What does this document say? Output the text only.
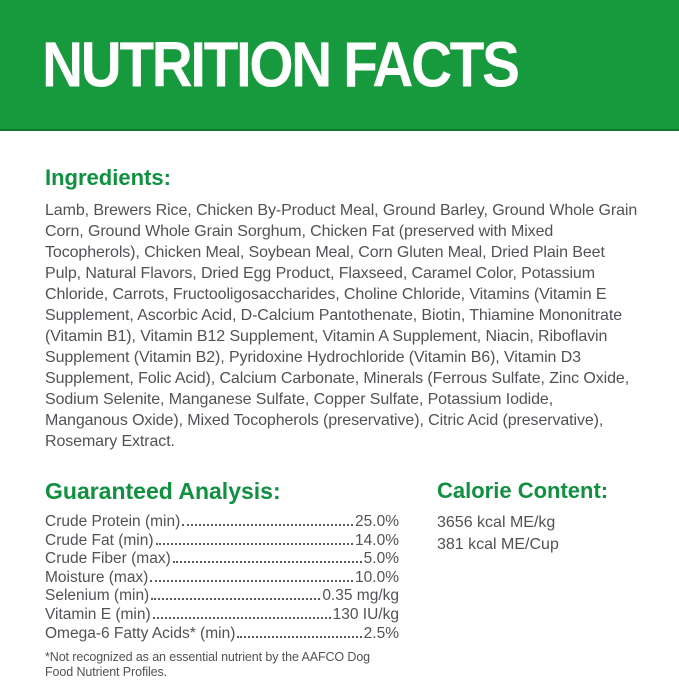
NUTRITION FACTS
Ingredients:

Lamb, Brewers Rice, Chicken By-Product Meal, Ground Barley, Ground Whole Grain Corn, Ground Whole Grain Sorghum, Chicken Fat (preserved with Mixed Tocopherols), Chicken Meal, Soybean Meal, Corn Gluten Meal, Dried Plain Beet Pulp, Natural Flavors, Dried Egg Product, Flaxseed, Caramel Color, Potassium Chloride, Carrots, Fructooligosaccharides, Choline Chloride, Vitamins (Vitamin E Supplement, Ascorbic Acid, D-Calcium Pantothenate, Biotin, Thiamine Mononitrate (Vitamin B1), Vitamin B12 Supplement, Vitamin A Supplement, Niacin, Riboflavin Supplement (Vitamin B2), Pyridoxine Hydrochloride (Vitamin B6), Vitamin D3 Supplement, Folic Acid), Calcium Carbonate, Minerals (Ferrous Sulfate, Zinc Oxide, Sodium Selenite, Manganese Sulfate, Copper Sulfate, Potassium Iodide, Manganous Oxide), Mixed Tocopherols (preservative), Citric Acid (preservative), Rosemary Extract.

Guaranteed Analysis:
Crude Protein (min)	25.0%
Crude Fat (min)	14.0%
Crude Fiber (max)	5.0%
Moisture (max)	10.0%
Selenium (min)	0.35 mg/kg
Vitamin E (min)	130 IU/kg
Omega-6 Fatty Acids* (min)	2.5%

*Not recognized as an essential nutrient by the AAFCO Dog Food Nutrient Profiles.

Calorie Content:

3656 kcal ME/kg

381 kcal ME/Cup
